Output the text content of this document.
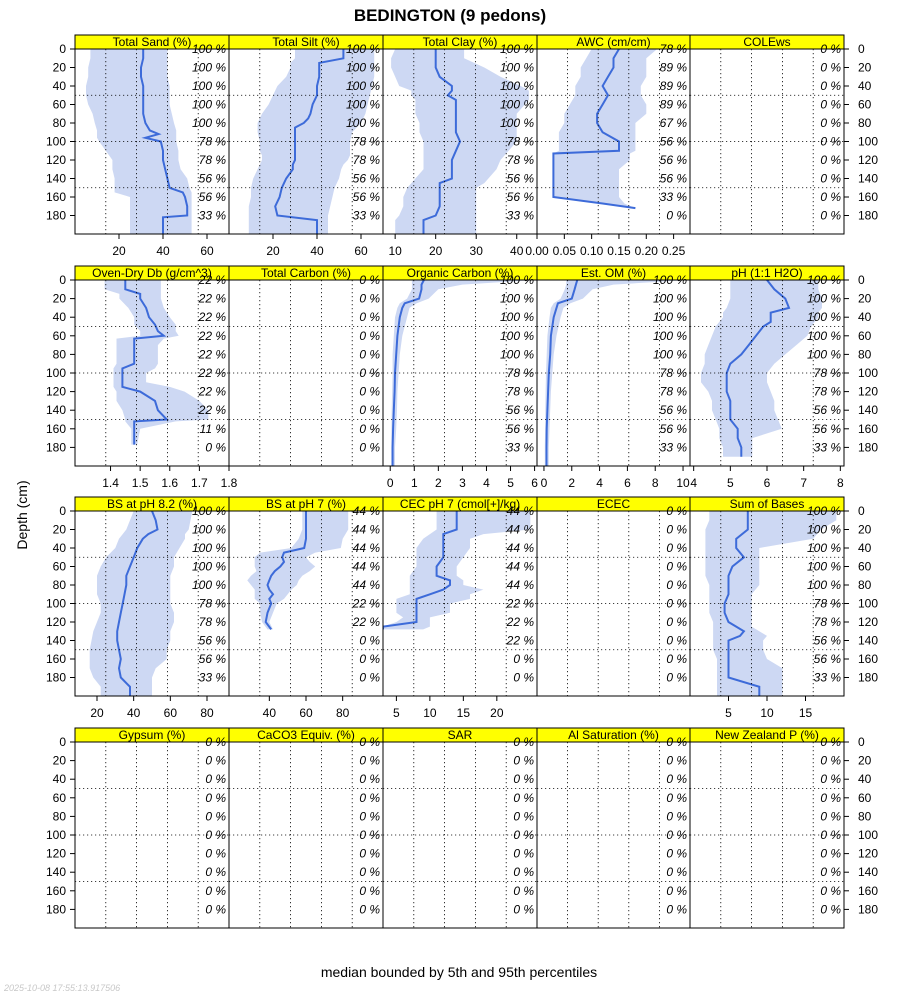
BEDINGTON (9 pedons)
Depth (cm)
median bounded by 5th and 95th percentiles
2025-10-08 17:55:13.917506
Total Sand (%) 100 %
100 %
100 %
100 %
100 %
78 %
78 %
56 %
56 %
33 %
20	40	60
Total Silt (%) 100 %
100 %
100 %
100 %
100 %
78 %
78 %
56 %
56 %
33 %
20	40	60
Total Clay (%) 100 %
100 %
100 %
100 %
100 %
78 %
78 %
56 %
56 %
33 %
10 20 30 40
AWC (cm/cm) 78 %
89 %
89 %
89 %
67 %
56 %
56 %
56 %
33 %
0 %
0.00 0.05 0.10 0.15 0.20 0.25
COLEws 0 %
0 %
0 %
0 %
0 %
0 %
0 %
0 %
0 %
0 %
Oven-Dry Db (g/cm^3)
22 %
22 %
22 %
22 %
22 %
22 %
22 %
22 %
11 %
0 %
1.4 1.5 1.6 1.7 1.8
Total Carbon (%) 0 %
0 %
0 %
0 %
0 %
0 %
0 %
0 %
0 %
0 %
Organic Carbon (%)
100 %
100 %
100 %
100 %
100 %
78 %
78 %
56 %
56 %
33 %
0 1 2 3 4 5 6
Est. OM (%) 100 %
100 %
100 %
100 %
100 %
78 %
78 %
56 %
56 %
33 %
0 2 4 6 8 10
pH (1:1 H2O) 100 %
100 %
100 %
100 %
100 %
78 %
78 %
56 %
56 %
33 %
4 5 6 7 8
BS at pH 8.2 (%)
100 %
100 %
100 %
100 %
100 %
78 %
78 %
56 %
56 %
33 %
20 40 60 80
BS at pH 7 (%) 44 %
44 %
44 %
44 %
44 %
22 %
22 %
0 %
0 %
0 %
40 60 80
CEC pH 7 (cmol[+]/kg)
44 %
44 %
44 %
44 %
44 %
22 %
22 %
22 %
0 %
0 %
5 10 15 20
ECEC	0 %
0 %
0 %
0 %
0 %
0 %
0 %
0 %
0 %
0 %
Sum of Bases 100 %
100 %
100 %
100 %
100 %
78 %
78 %
56 %
56 %
33 %
5 10 15
Gypsum (%) 0 %
0 %
0 %
0 %
0 %
0 %
0 %
0 %
0 %
0 %
CaCO3 Equiv. (%) 0 %
0 %
0 %
0 %
0 %
0 %
0 %
0 %
0 %
0 %
SAR	0 %
0 %
0 %
0 %
0 %
0 %
0 %
0 %
0 %
0 %
Al Saturation (%) 0 %
0 %
0 %
0 %
0 %
0 %
0 %
0 %
0 %
0 %
New Zealand P (%) 0 %
0 %
0 %
0 %
0 %
0 %
0 %
0 %
0 %
0 %
0	0
20	20
40	40
60	60
80	80
100	100
120	120
140	140
160	160
180	180
0	0
20	20
40	40
60	60
80	80
100	100
120	120
140	140
160	160
180	180
0	0
20	20
40	40
60	60
80	80
100	100
120	120
140	140
160	160
180	180
0	0
20	20
40	40
60	60
80	80
100	100
120	120
140	140
160	160
180	180
